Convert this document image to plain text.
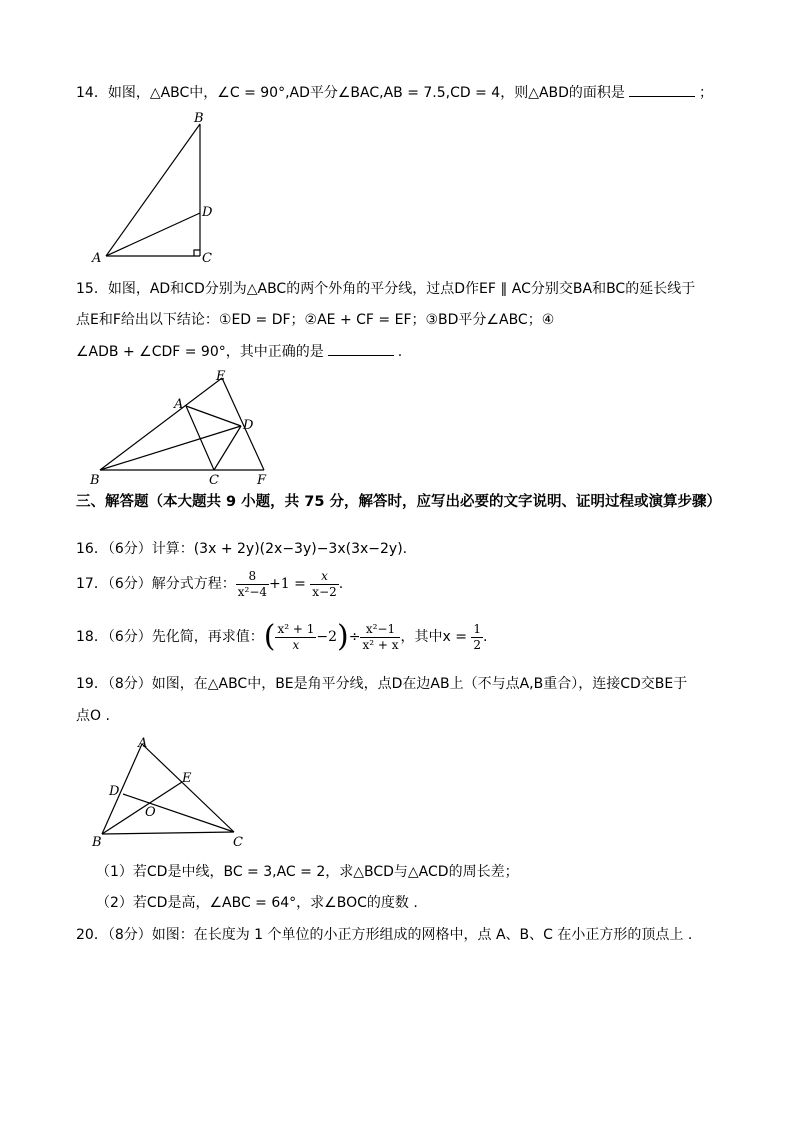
14．如图，△ABC中，∠C = 90°,AD平分∠BAC,AB = 7.5,CD = 4，则△ABD的面积是	；
A
B
C
D
15．如图，AD和CD分别为△ABC的两个外角的平分线，过点D作EF ∥ AC分别交BA和BC的延长线于
点E和F给出以下结论：①ED = DF；②AE + CF = EF；③BD平分∠ABC；④
∠ADB + ∠CDF = 90°，其中正确的是	.
B
A
E
D
C	F
三、解答题（本大题共 9 小题，共 75 分，解答时，应写出必要的文字说明、证明过程或演算步骤）
16．（6分）计算：(3x + 2y)(2x−3y)−3x(3x−2y).
17．（6分）解分式方程： $\frac{8}{\text{x²−4}} +1 = \frac{x}{x-2}$ .
18．（6分）先化简，再求值：( $\frac{\text{x² + 1}}{x} -2)\div \frac{\text{x²−1}}{\text{x² + x}}$ ，其中$x = \frac{1}{2}$ .
19．（8分）如图，在△ABC中，BE是角平分线，点D在边AB上（不与点A,B重合），连接CD交BE于
点O .
A
E
D
O
B	C
（1）若CD是中线，BC = 3,AC = 2，求△BCD与△ACD的周长差；
（2）若CD是高，∠ABC = 64°，求∠BOC的度数 .
20．（8分）如图：在长度为 1 个单位的小正方形组成的网格中，点 A、B、C 在小正方形的顶点上 .
